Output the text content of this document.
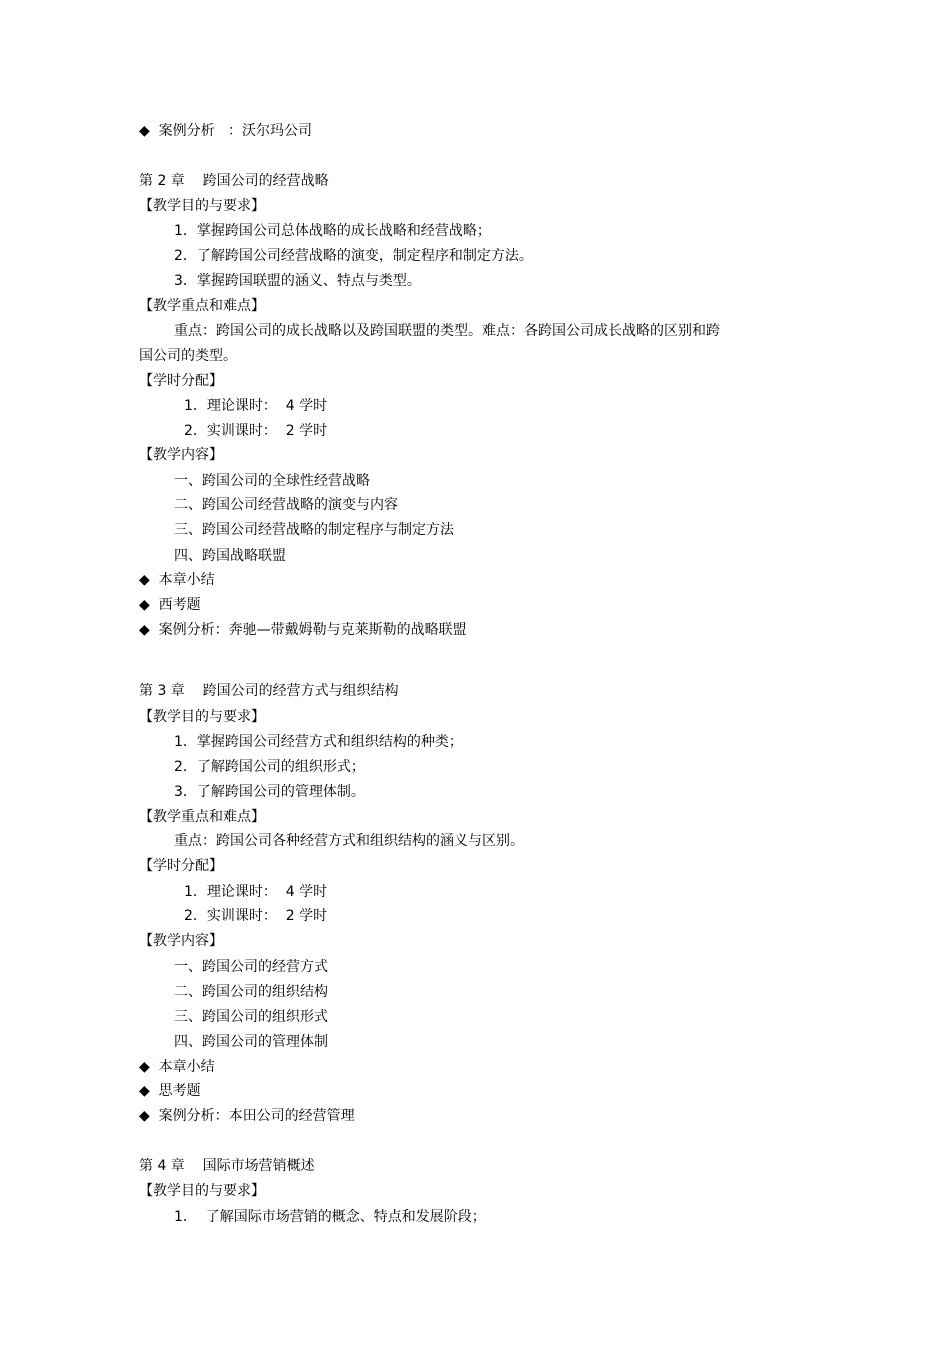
◆  案例分析   ：沃尔玛公司
第 2 章    跨国公司的经营战略
【教学目的与要求】
1．掌握跨国公司总体战略的成长战略和经营战略；
2．了解跨国公司经营战略的演变，制定程序和制定方法。
3．掌握跨国联盟的涵义、特点与类型。
【教学重点和难点】
重点：跨国公司的成长战略以及跨国联盟的类型。难点：各跨国公司成长战略的区别和跨
国公司的类型。
【学时分配】
1．理论课时：  4 学时
2．实训课时：  2 学时
【教学内容】
一、跨国公司的全球性经营战略
二、跨国公司经营战略的演变与内容
三、跨国公司经营战略的制定程序与制定方法
四、跨国战略联盟
◆  本章小结
◆  西考题
◆  案例分析：奔驰—带戴姆勒与克莱斯勒的战略联盟
第 3 章    跨国公司的经营方式与组织结构
【教学目的与要求】
1．掌握跨国公司经营方式和组织结构的种类；
2．了解跨国公司的组织形式；
3．了解跨国公司的管理体制。
【教学重点和难点】
重点：跨国公司各种经营方式和组织结构的涵义与区别。
【学时分配】
1．理论课时：  4 学时
2．实训课时：  2 学时
【教学内容】
一、跨国公司的经营方式
二、跨国公司的组织结构
三、跨国公司的组织形式
四、跨国公司的管理体制
◆  本章小结
◆  思考题
◆  案例分析：本田公司的经营管理
第 4 章    国际市场营销概述
【教学目的与要求】
1．  了解国际市场营销的概念、特点和发展阶段；
